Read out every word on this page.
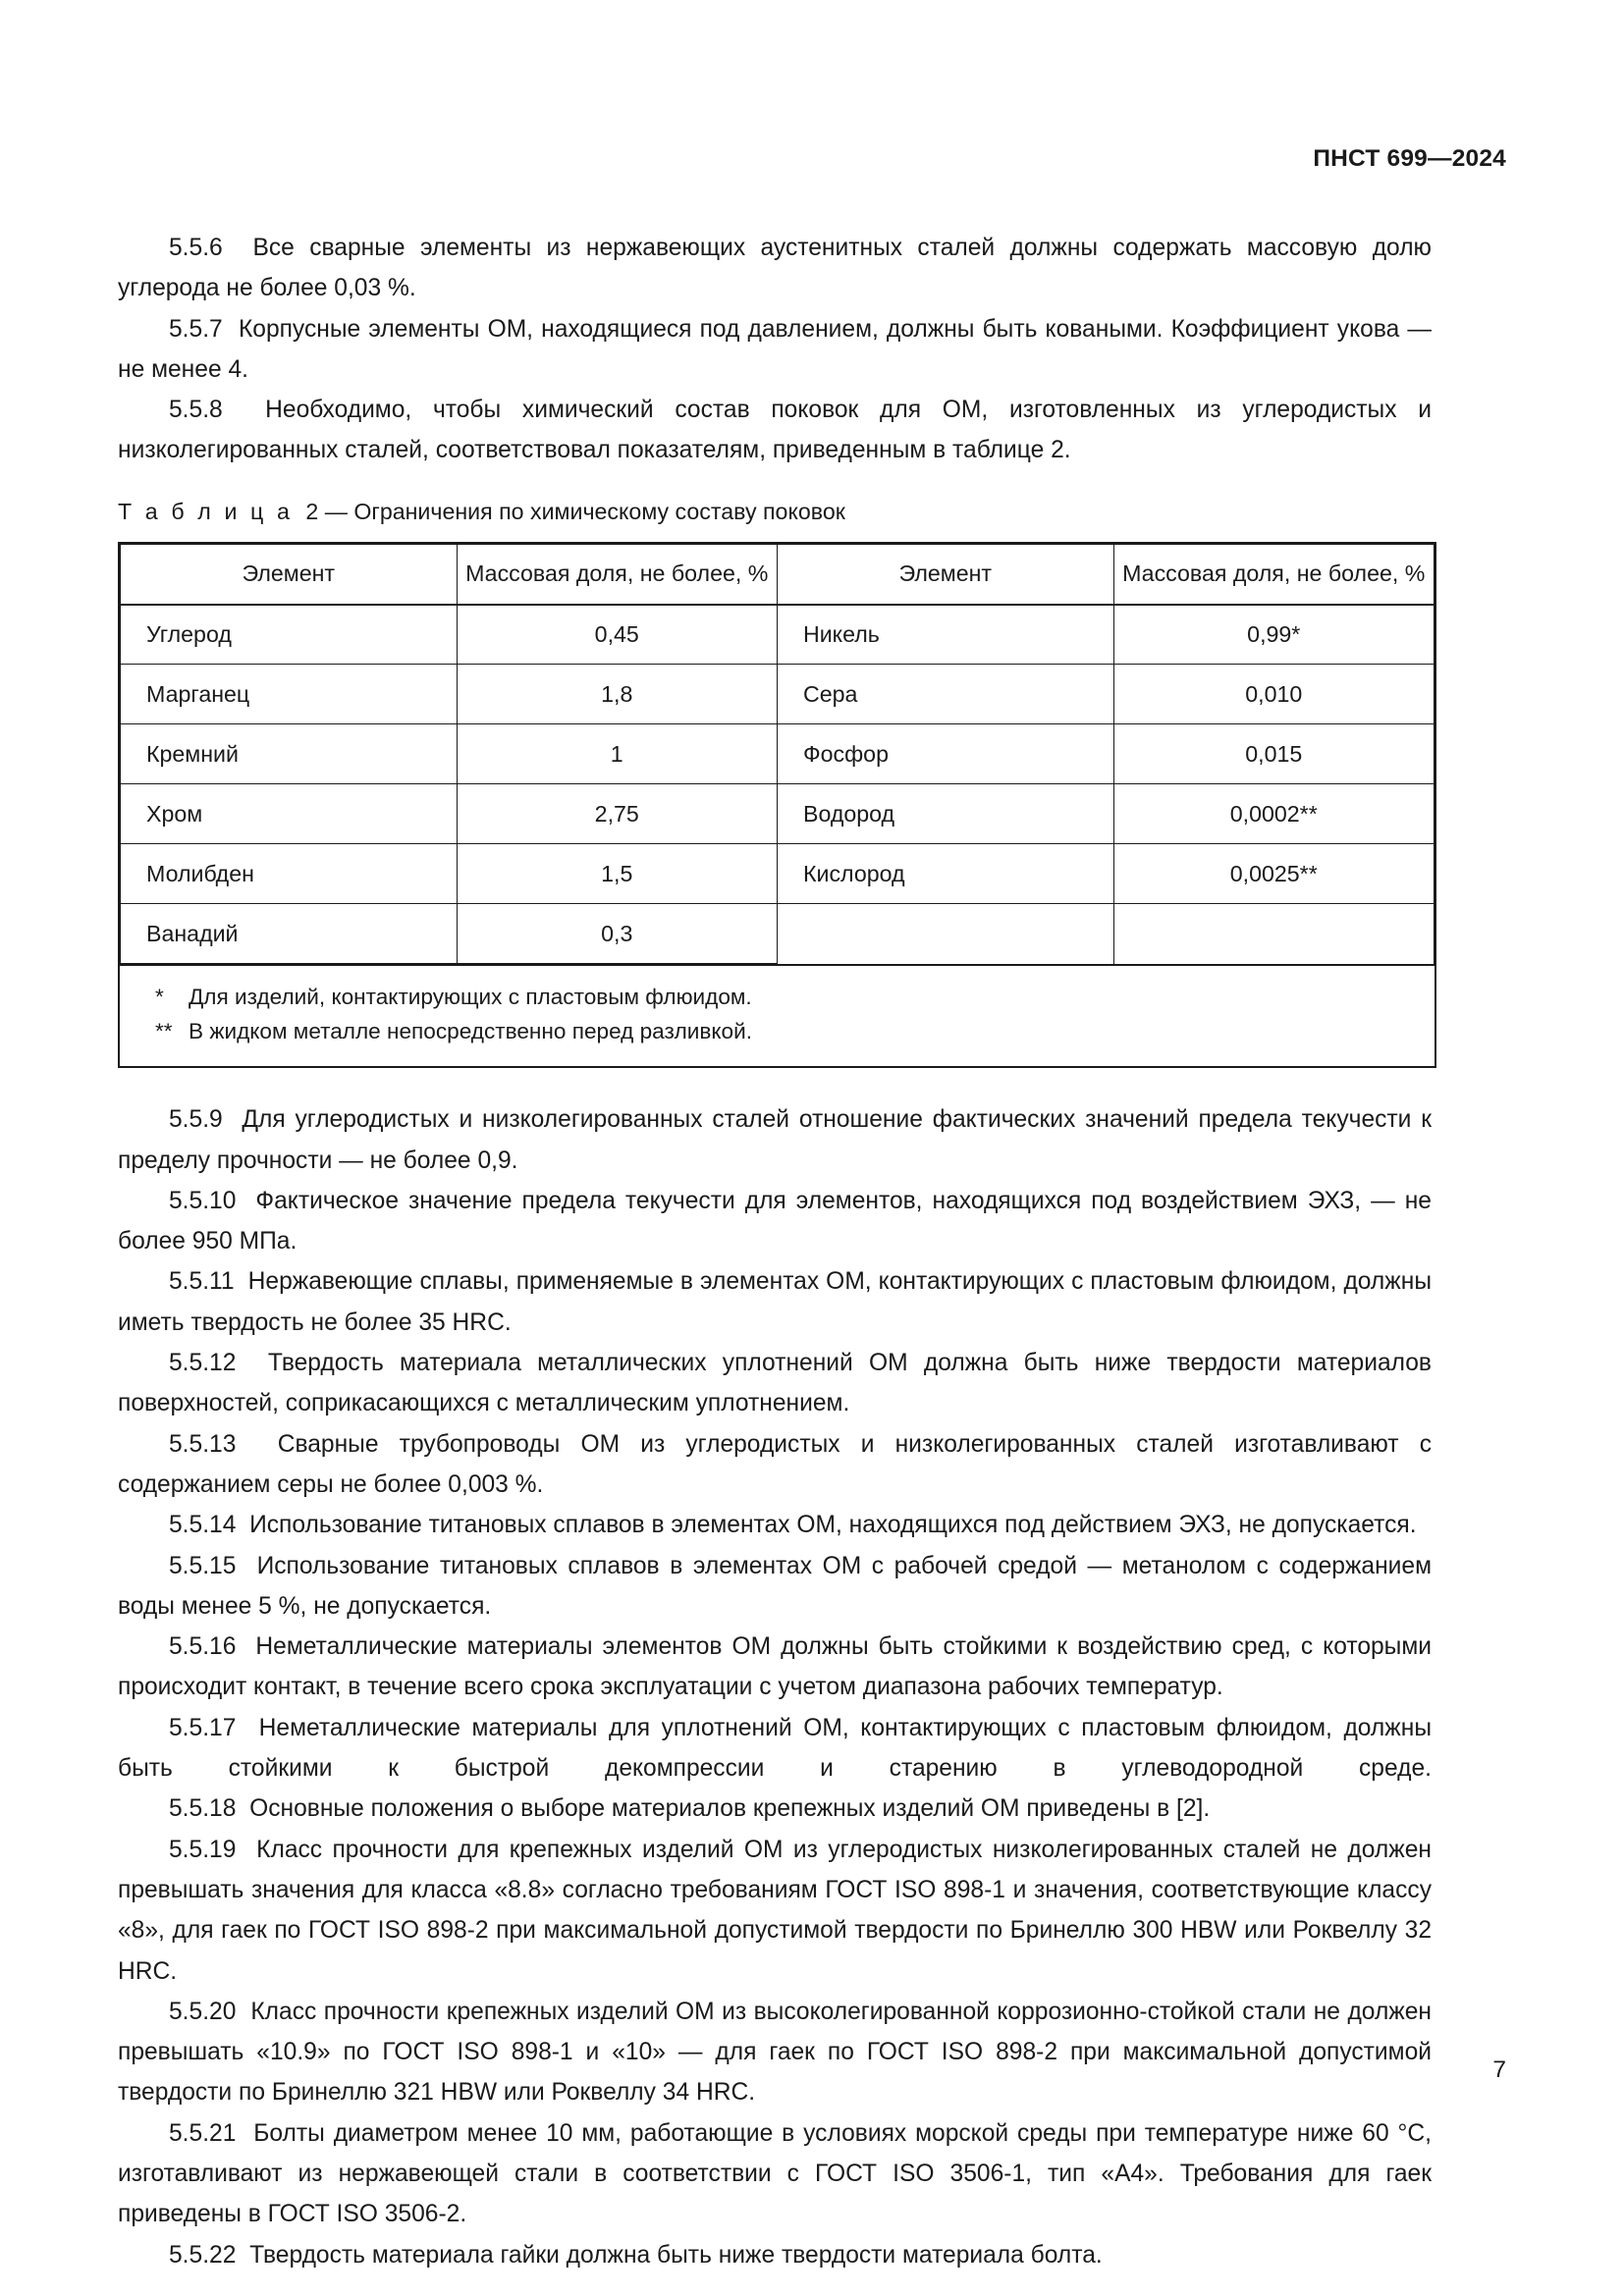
ПНСТ 699—2024

5.5.6 Все сварные элементы из нержавеющих аустенитных сталей должны содержать массовую долю углерода не более 0,03 %.

5.5.7 Корпусные элементы ОМ, находящиеся под давлением, должны быть коваными. Коэффициент укова — не менее 4.

5.5.8 Необходимо, чтобы химический состав поковок для ОМ, изготовленных из углеродистых и низколегированных сталей, соответствовал показателям, приведенным в таблице 2.

Т а б л и ц а 2 — Ограничения по химическому составу поковок

Элемент	Массовая доля, не более, %	Элемент	Массовая доля, не более, %
Углерод	0,45	Никель	0,99*
Марганец	1,8	Сера	0,010
Кремний	1	Фосфор	0,015
Хром	2,75	Водород	0,0002**
Молибден	1,5	Кислород	0,0025**
Ванадий	0,3		
* Для изделий, контактирующих с пластовым флюидом.
** В жидком металле непосредственно перед разливкой.

5.5.9 Для углеродистых и низколегированных сталей отношение фактических значений предела текучести к пределу прочности — не более 0,9.

5.5.10 Фактическое значение предела текучести для элементов, находящихся под воздействием ЭХЗ, — не более 950 МПа.

5.5.11 Нержавеющие сплавы, применяемые в элементах ОМ, контактирующих с пластовым флюидом, должны иметь твердость не более 35 HRC.

5.5.12 Твердость материала металлических уплотнений ОМ должна быть ниже твердости материалов поверхностей, соприкасающихся с металлическим уплотнением.

5.5.13 Сварные трубопроводы ОМ из углеродистых и низколегированных сталей изготавливают с содержанием серы не более 0,003 %.

5.5.14 Использование титановых сплавов в элементах ОМ, находящихся под действием ЭХЗ, не допускается.

5.5.15 Использование титановых сплавов в элементах ОМ с рабочей средой — метанолом с содержанием воды менее 5 %, не допускается.

5.5.16 Неметаллические материалы элементов ОМ должны быть стойкими к воздействию сред, с которыми происходит контакт, в течение всего срока эксплуатации с учетом диапазона рабочих температур.

5.5.17 Неметаллические материалы для уплотнений ОМ, контактирующих с пластовым флюидом, должны быть стойкими к быстрой декомпрессии и старению в углеводородной среде.

5.5.18 Основные положения о выборе материалов крепежных изделий ОМ приведены в [2].

5.5.19 Класс прочности для крепежных изделий ОМ из углеродистых низколегированных сталей не должен превышать значения для класса «8.8» согласно требованиям ГОСТ ISO 898-1 и значения, соответствующие классу «8», для гаек по ГОСТ ISO 898-2 при максимальной допустимой твердости по Бринеллю 300 HBW или Роквеллу 32 HRC.

5.5.20 Класс прочности крепежных изделий ОМ из высоколегированной коррозионно-стойкой стали не должен превышать «10.9» по ГОСТ ISO 898-1 и «10» — для гаек по ГОСТ ISO 898-2 при максимальной допустимой твердости по Бринеллю 321 HBW или Роквеллу 34 HRC.

5.5.21 Болты диаметром менее 10 мм, работающие в условиях морской среды при температуре ниже 60 °C, изготавливают из нержавеющей стали в соответствии с ГОСТ ISO 3506-1, тип «А4». Требования для гаек приведены в ГОСТ ISO 3506-2.

5.5.22 Твердость материала гайки должна быть ниже твердости материала болта.

7
